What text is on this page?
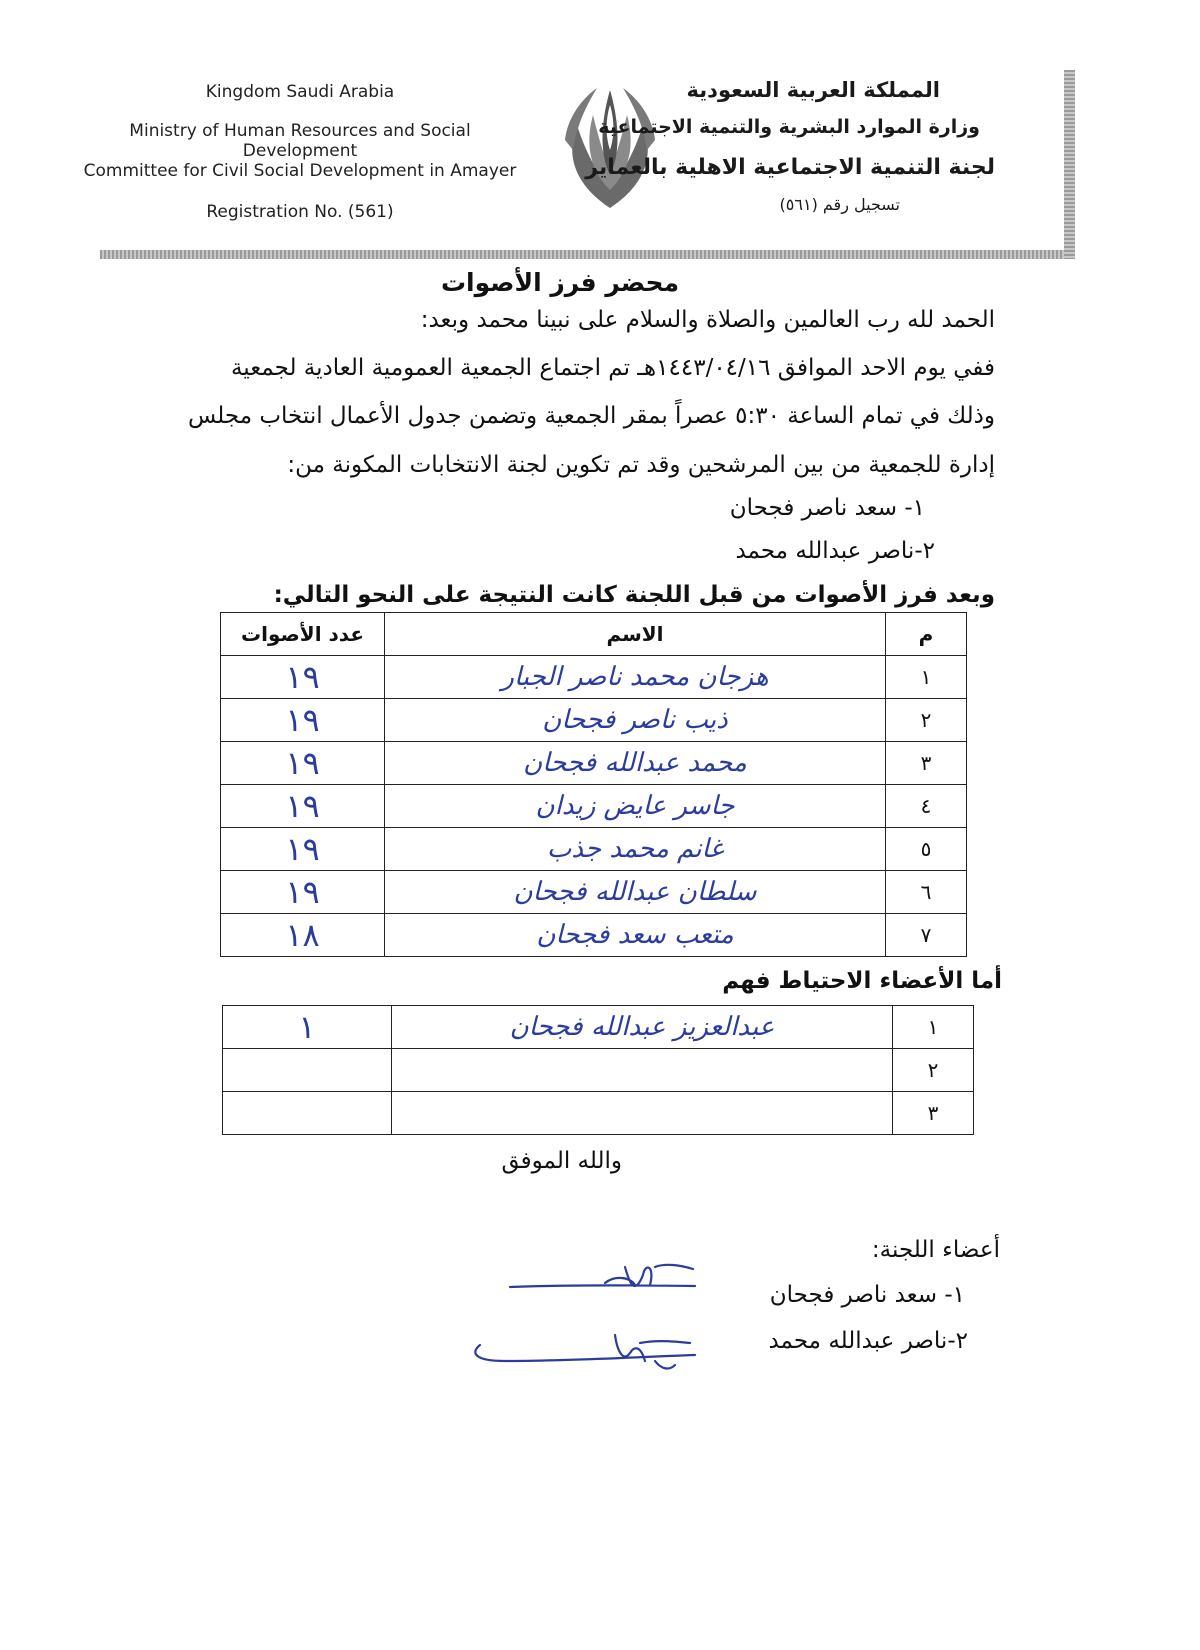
Kingdom Saudi Arabia
Ministry of Human Resources and Social Development
Committee for Civil Social Development in Amayer
Registration No. (561)
المملكة العربية السعودية
وزارة الموارد البشرية والتنمية الاجتماعية
لجنة التنمية الاجتماعية الاهلية بالعماير
تسجيل رقم (٥٦١)
محضر فرز الأصوات
الحمد لله رب العالمين والصلاة والسلام على نبينا محمد وبعد:
ففي يوم الاحد الموافق ١٤٤٣/٠٤/١٦هـ تم اجتماع الجمعية العمومية العادية لجمعية
وذلك في تمام الساعة ٥:٣٠ عصراً بمقر الجمعية وتضمن جدول الأعمال انتخاب مجلس
إدارة للجمعية من بين المرشحين وقد تم تكوين لجنة الانتخابات المكونة من:
١- سعد ناصر فجحان
٢-ناصر عبدالله محمد
وبعد فرز الأصوات من قبل اللجنة كانت النتيجة على النحو التالي:
م	الاسم	عدد الأصوات
١	هزجان محمد ناصر الجبار	١٩
٢	ذيب ناصر فجحان	١٩
٣	محمد عبدالله فجحان	١٩
٤	جاسر عايض زيدان	١٩
٥	غانم محمد جذب	١٩
٦	سلطان عبدالله فجحان	١٩
٧	متعب سعد فجحان	١٨
أما الأعضاء الاحتياط فهم
١	عبدالعزيز عبدالله فجحان	١
٢		
٣		
والله الموفق
أعضاء اللجنة:
١- سعد ناصر فجحان
٢-ناصر عبدالله محمد
